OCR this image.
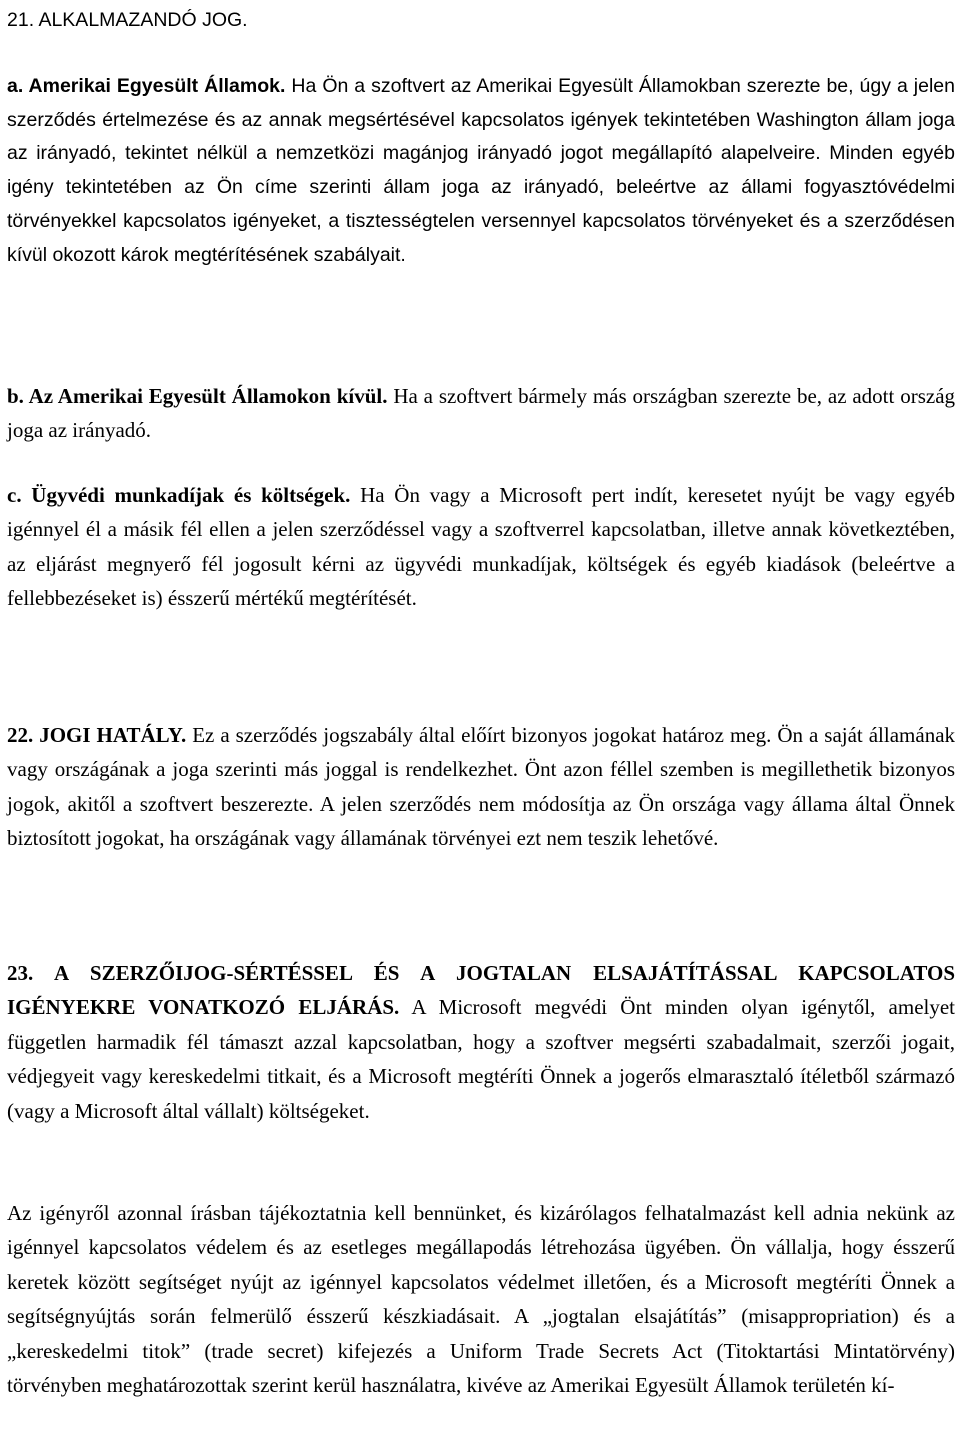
21. ALKALMAZANDÓ JOG.

a. Amerikai Egyesült Államok. Ha Ön a szoftvert az Amerikai Egyesült Államokban szerezte be, úgy a jelen szerződés értelmezése és az annak megsértésével kapcsolatos igények tekintetében Washington állam joga az irányadó, tekintet nélkül a nemzetközi magánjog irányadó jogot megállapító alapelveire. Minden egyéb igény tekintetében az Ön címe szerinti állam joga az irányadó, beleértve az állami fogyasztóvédelmi törvényekkel kapcsolatos igényeket, a tisztességtelen versennyel kapcsolatos törvényeket és a szerződésen kívül okozott károk megtérítésének szabályait.

b. Az Amerikai Egyesült Államokon kívül. Ha a szoftvert bármely más országban szerezte be, az adott ország joga az irányadó.

c. Ügyvédi munkadíjak és költségek. Ha Ön vagy a Microsoft pert indít, keresetet nyújt be vagy egyéb igénnyel él a másik fél ellen a jelen szerződéssel vagy a szoftverrel kapcsolatban, illetve annak következtében, az eljárást megnyerő fél jogosult kérni az ügyvédi munkadíjak, költségek és egyéb kiadások (beleértve a fellebbezéseket is) ésszerű mértékű megtérítését.

22. JOGI HATÁLY. Ez a szerződés jogszabály által előírt bizonyos jogokat határoz meg. Ön a saját államának vagy országának a joga szerinti más joggal is rendelkezhet. Önt azon féllel szemben is megillethetik bizonyos jogok, akitől a szoftvert beszerezte. A jelen szerződés nem módosítja az Ön országa vagy állama által Önnek biztosított jogokat, ha országának vagy államának törvényei ezt nem teszik lehetővé.

23. A SZERZŐIJOG-SÉRTÉSSEL ÉS A JOGTALAN ELSAJÁTÍTÁSSAL KAPCSOLATOS IGÉNYEKRE VONATKOZÓ ELJÁRÁS. A Microsoft megvédi Önt minden olyan igénytől, amelyet független harmadik fél támaszt azzal kapcsolatban, hogy a szoftver megsérti szabadalmait, szerzői jogait, védjegyeit vagy kereskedelmi titkait, és a Microsoft megtéríti Önnek a jogerős elmarasztaló ítéletből származó (vagy a Microsoft által vállalt) költségeket.

Az igényről azonnal írásban tájékoztatnia kell bennünket, és kizárólagos felhatalmazást kell adnia nekünk az igénnyel kapcsolatos védelem és az esetleges megállapodás létrehozása ügyében. Ön vállalja, hogy ésszerű keretek között segítséget nyújt az igénnyel kapcsolatos védelmet illetően, és a Microsoft megtéríti Önnek a segítségnyújtás során felmerülő ésszerű készkiadásait. A „jogtalan elsajátítás” (misappropriation) és a „kereskedelmi titok” (trade secret) kifejezés a Uniform Trade Secrets Act (Titoktartási Mintatörvény) törvényben meghatározottak szerint kerül használatra, kivéve az Amerikai Egyesült Államok területén kí-
